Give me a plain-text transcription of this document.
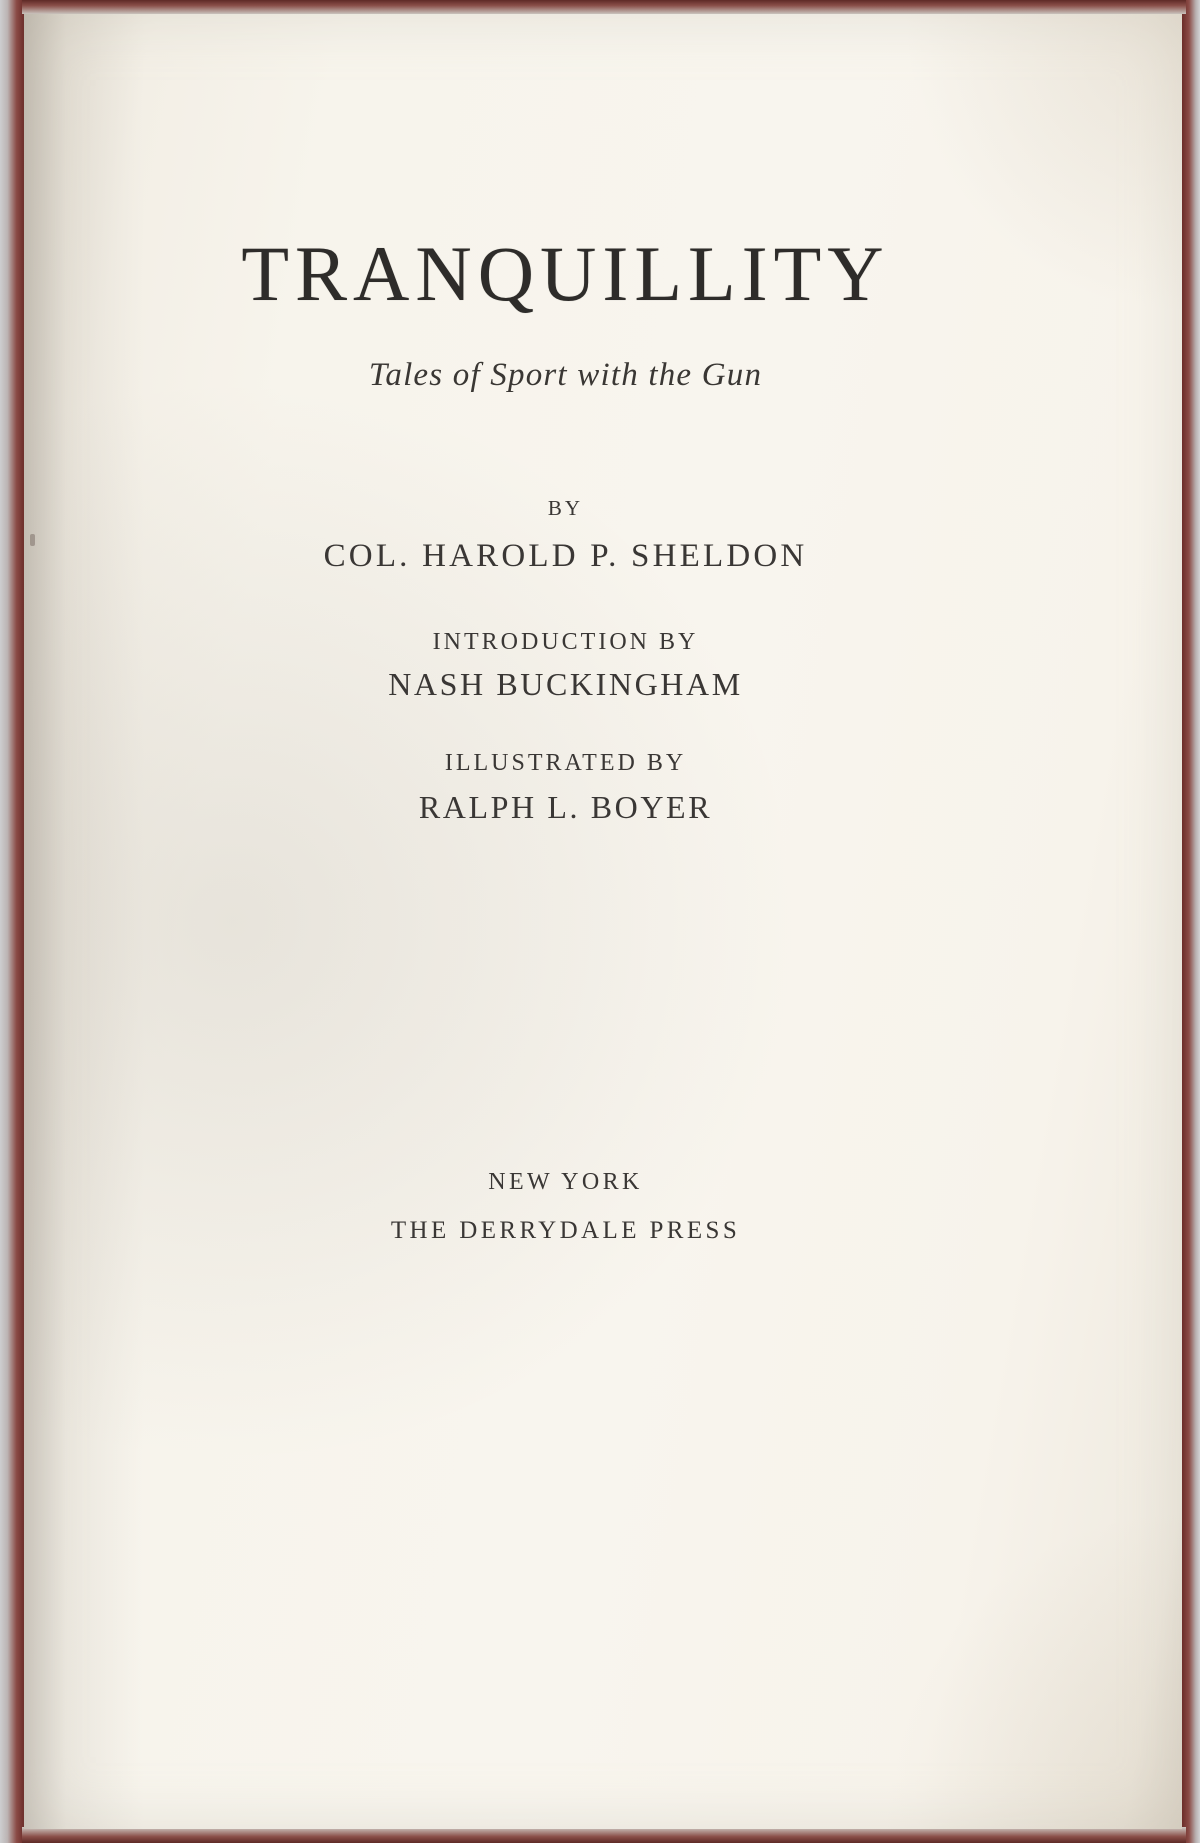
TRANQUILLITY
Tales of Sport with the Gun
BY
COL. HAROLD P. SHELDON
INTRODUCTION BY
NASH BUCKINGHAM
ILLUSTRATED BY
RALPH L. BOYER
NEW YORK
THE DERRYDALE PRESS
